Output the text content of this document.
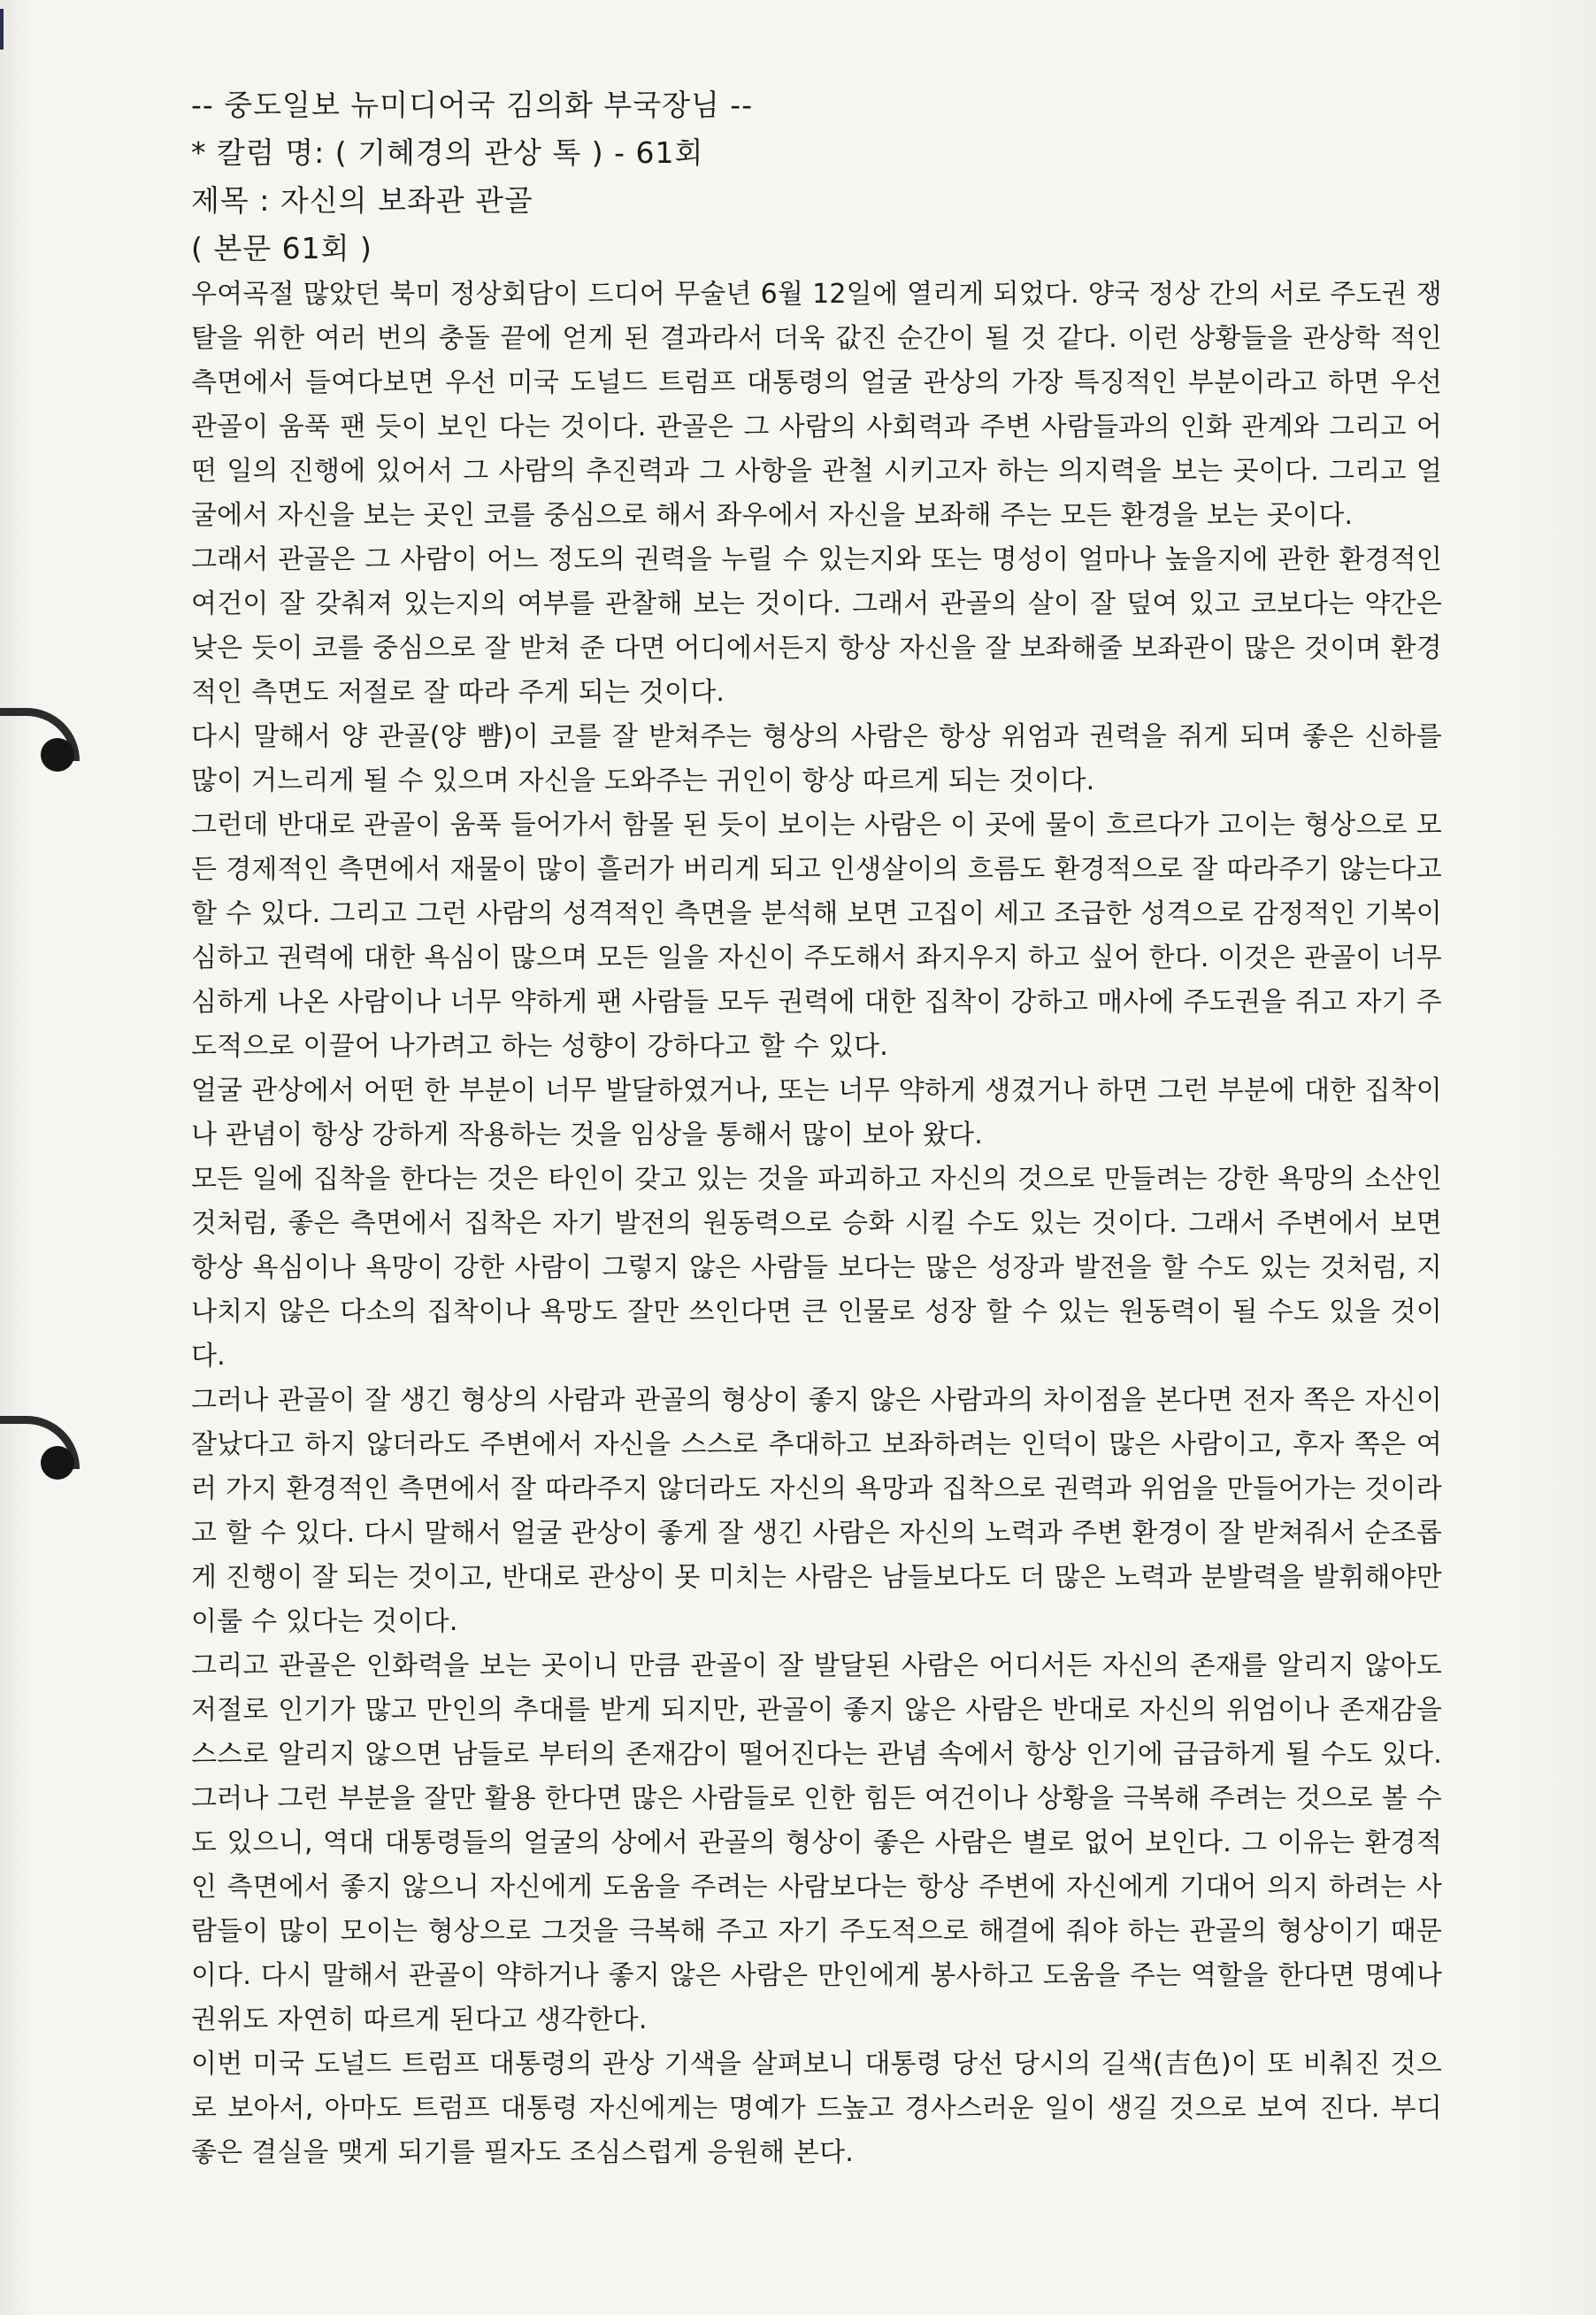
-- 중도일보 뉴미디어국 김의화 부국장님 --
* 칼럼 명: ( 기혜경의 관상 톡 ) - 61회
제목 : 자신의 보좌관 관골
( 본문 61회 )

우여곡절 많았던 북미 정상회담이 드디어 무술년 6월 12일에 열리게 되었다. 양국 정상 간의 서로 주도권 쟁탈을 위한 여러 번의 충돌 끝에 얻게 된 결과라서 더욱 값진 순간이 될 것 같다. 이런 상황들을 관상학 적인 측면에서 들여다보면 우선 미국 도널드 트럼프 대통령의 얼굴 관상의 가장 특징적인 부분이라고 하면 우선 관골이 움푹 팬 듯이 보인 다는 것이다. 관골은 그 사람의 사회력과 주변 사람들과의 인화 관계와 그리고 어떤 일의 진행에 있어서 그 사람의 추진력과 그 사항을 관철 시키고자 하는 의지력을 보는 곳이다. 그리고 얼굴에서 자신을 보는 곳인 코를 중심으로 해서 좌우에서 자신을 보좌해 주는 모든 환경을 보는 곳이다.

그래서 관골은 그 사람이 어느 정도의 권력을 누릴 수 있는지와 또는 명성이 얼마나 높을지에 관한 환경적인 여건이 잘 갖춰져 있는지의 여부를 관찰해 보는 것이다. 그래서 관골의 살이 잘 덮여 있고 코보다는 약간은 낮은 듯이 코를 중심으로 잘 받쳐 준 다면 어디에서든지 항상 자신을 잘 보좌해줄 보좌관이 많은 것이며 환경적인 측면도 저절로 잘 따라 주게 되는 것이다.

다시 말해서 양 관골(양 뺨)이 코를 잘 받쳐주는 형상의 사람은 항상 위엄과 권력을 쥐게 되며 좋은 신하를 많이 거느리게 될 수 있으며 자신을 도와주는 귀인이 항상 따르게 되는 것이다.

그런데 반대로 관골이 움푹 들어가서 함몰 된 듯이 보이는 사람은 이 곳에 물이 흐르다가 고이는 형상으로 모든 경제적인 측면에서 재물이 많이 흘러가 버리게 되고 인생살이의 흐름도 환경적으로 잘 따라주기 않는다고 할 수 있다. 그리고 그런 사람의 성격적인 측면을 분석해 보면 고집이 세고 조급한 성격으로 감정적인 기복이 심하고 권력에 대한 욕심이 많으며 모든 일을 자신이 주도해서 좌지우지 하고 싶어 한다. 이것은 관골이 너무 심하게 나온 사람이나 너무 약하게 팬 사람들 모두 권력에 대한 집착이 강하고 매사에 주도권을 쥐고 자기 주도적으로 이끌어 나가려고 하는 성향이 강하다고 할 수 있다.

얼굴 관상에서 어떤 한 부분이 너무 발달하였거나, 또는 너무 약하게 생겼거나 하면 그런 부분에 대한 집착이나 관념이 항상 강하게 작용하는 것을 임상을 통해서 많이 보아 왔다.

모든 일에 집착을 한다는 것은 타인이 갖고 있는 것을 파괴하고 자신의 것으로 만들려는 강한 욕망의 소산인 것처럼, 좋은 측면에서 집착은 자기 발전의 원동력으로 승화 시킬 수도 있는 것이다. 그래서 주변에서 보면 항상 욕심이나 욕망이 강한 사람이 그렇지 않은 사람들 보다는 많은 성장과 발전을 할 수도 있는 것처럼, 지나치지 않은 다소의 집착이나 욕망도 잘만 쓰인다면 큰 인물로 성장 할 수 있는 원동력이 될 수도 있을 것이다.

그러나 관골이 잘 생긴 형상의 사람과 관골의 형상이 좋지 않은 사람과의 차이점을 본다면 전자 쪽은 자신이 잘났다고 하지 않더라도 주변에서 자신을 스스로 추대하고 보좌하려는 인덕이 많은 사람이고, 후자 쪽은 여러 가지 환경적인 측면에서 잘 따라주지 않더라도 자신의 욕망과 집착으로 권력과 위엄을 만들어가는 것이라고 할 수 있다. 다시 말해서 얼굴 관상이 좋게 잘 생긴 사람은 자신의 노력과 주변 환경이 잘 받쳐줘서 순조롭게 진행이 잘 되는 것이고, 반대로 관상이 못 미치는 사람은 남들보다도 더 많은 노력과 분발력을 발휘해야만 이룰 수 있다는 것이다.

그리고 관골은 인화력을 보는 곳이니 만큼 관골이 잘 발달된 사람은 어디서든 자신의 존재를 알리지 않아도 저절로 인기가 많고 만인의 추대를 받게 되지만, 관골이 좋지 않은 사람은 반대로 자신의 위엄이나 존재감을 스스로 알리지 않으면 남들로 부터의 존재감이 떨어진다는 관념 속에서 항상 인기에 급급하게 될 수도 있다. 그러나 그런 부분을 잘만 활용 한다면 많은 사람들로 인한 힘든 여건이나 상황을 극복해 주려는 것으로 볼 수도 있으니, 역대 대통령들의 얼굴의 상에서 관골의 형상이 좋은 사람은 별로 없어 보인다. 그 이유는 환경적인 측면에서 좋지 않으니 자신에게 도움을 주려는 사람보다는 항상 주변에 자신에게 기대어 의지 하려는 사람들이 많이 모이는 형상으로 그것을 극복해 주고 자기 주도적으로 해결에 줘야 하는 관골의 형상이기 때문이다. 다시 말해서 관골이 약하거나 좋지 않은 사람은 만인에게 봉사하고 도움을 주는 역할을 한다면 명예나 권위도 자연히 따르게 된다고 생각한다.

이번 미국 도널드 트럼프 대통령의 관상 기색을 살펴보니 대통령 당선 당시의 길색(吉色)이 또 비춰진 것으로 보아서, 아마도 트럼프 대통령 자신에게는 명예가 드높고 경사스러운 일이 생길 것으로 보여 진다. 부디 좋은 결실을 맺게 되기를 필자도 조심스럽게 응원해 본다.
